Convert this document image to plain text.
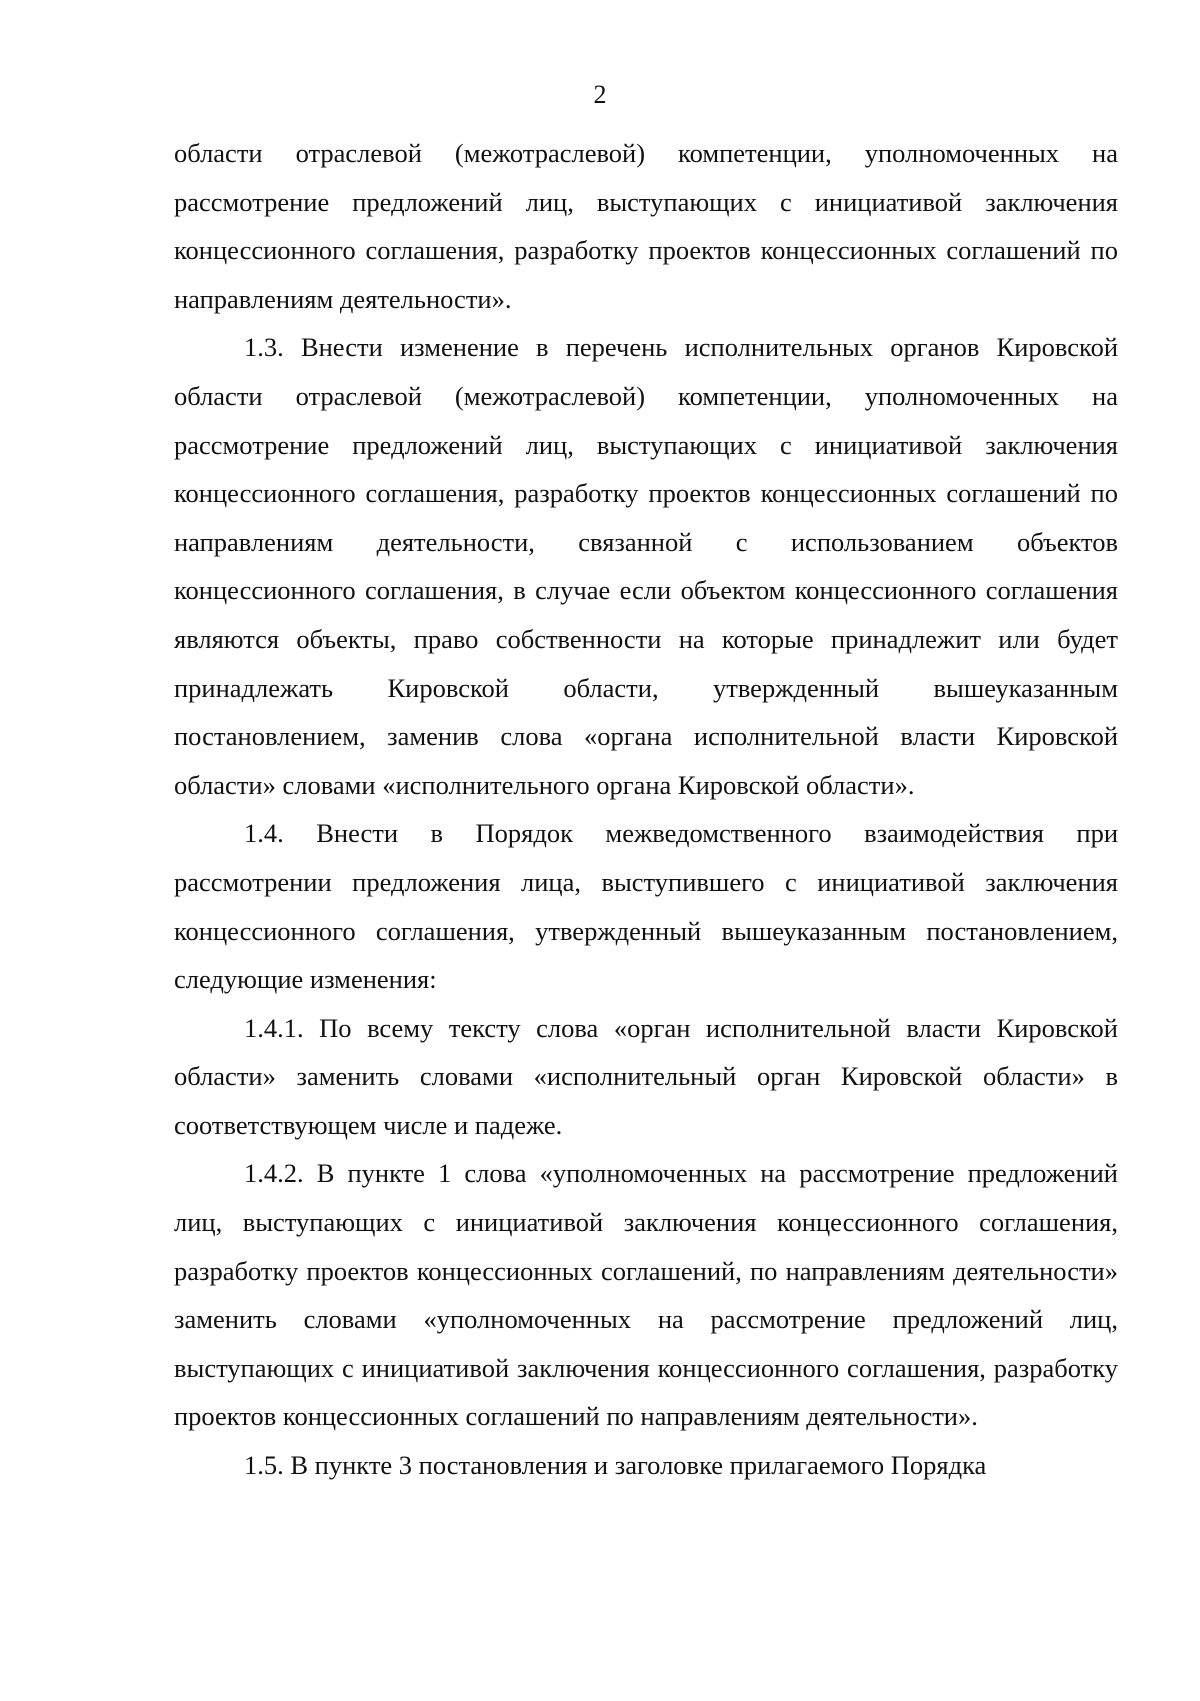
2

области отраслевой (межотраслевой) компетенции, уполномоченных на рассмотрение предложений лиц, выступающих с инициативой заключения концессионного соглашения, разработку проектов концессионных соглашений по направлениям деятельности».

1.3. Внести изменение в перечень исполнительных органов Кировской области отраслевой (межотраслевой) компетенции, уполномоченных на рассмотрение предложений лиц, выступающих с инициативой заключения концессионного соглашения, разработку проектов концессионных соглашений по направлениям деятельности, связанной с использованием объектов концессионного соглашения, в случае если объектом концессионного соглашения являются объекты, право собственности на которые принадлежит или будет принадлежать Кировской области, утвержденный вышеуказанным постановлением, заменив слова «органа исполнительной власти Кировской области» словами «исполнительного органа Кировской области».

1.4. Внести в Порядок межведомственного взаимодействия при рассмотрении предложения лица, выступившего с инициативой заключения концессионного соглашения, утвержденный вышеуказанным постановлением, следующие изменения:

1.4.1. По всему тексту слова «орган исполнительной власти Кировской области» заменить словами «исполнительный орган Кировской области» в соответствующем числе и падеже.

1.4.2. В пункте 1 слова «уполномоченных на рассмотрение предложений лиц, выступающих с инициативой заключения концессионного соглашения, разработку проектов концессионных соглашений, по направлениям деятельности» заменить словами «уполномоченных на рассмотрение предложений лиц, выступающих с инициативой заключения концессионного соглашения, разработку проектов концессионных соглашений по направлениям деятельности».

1.5. В пункте 3 постановления и заголовке прилагаемого Порядка
